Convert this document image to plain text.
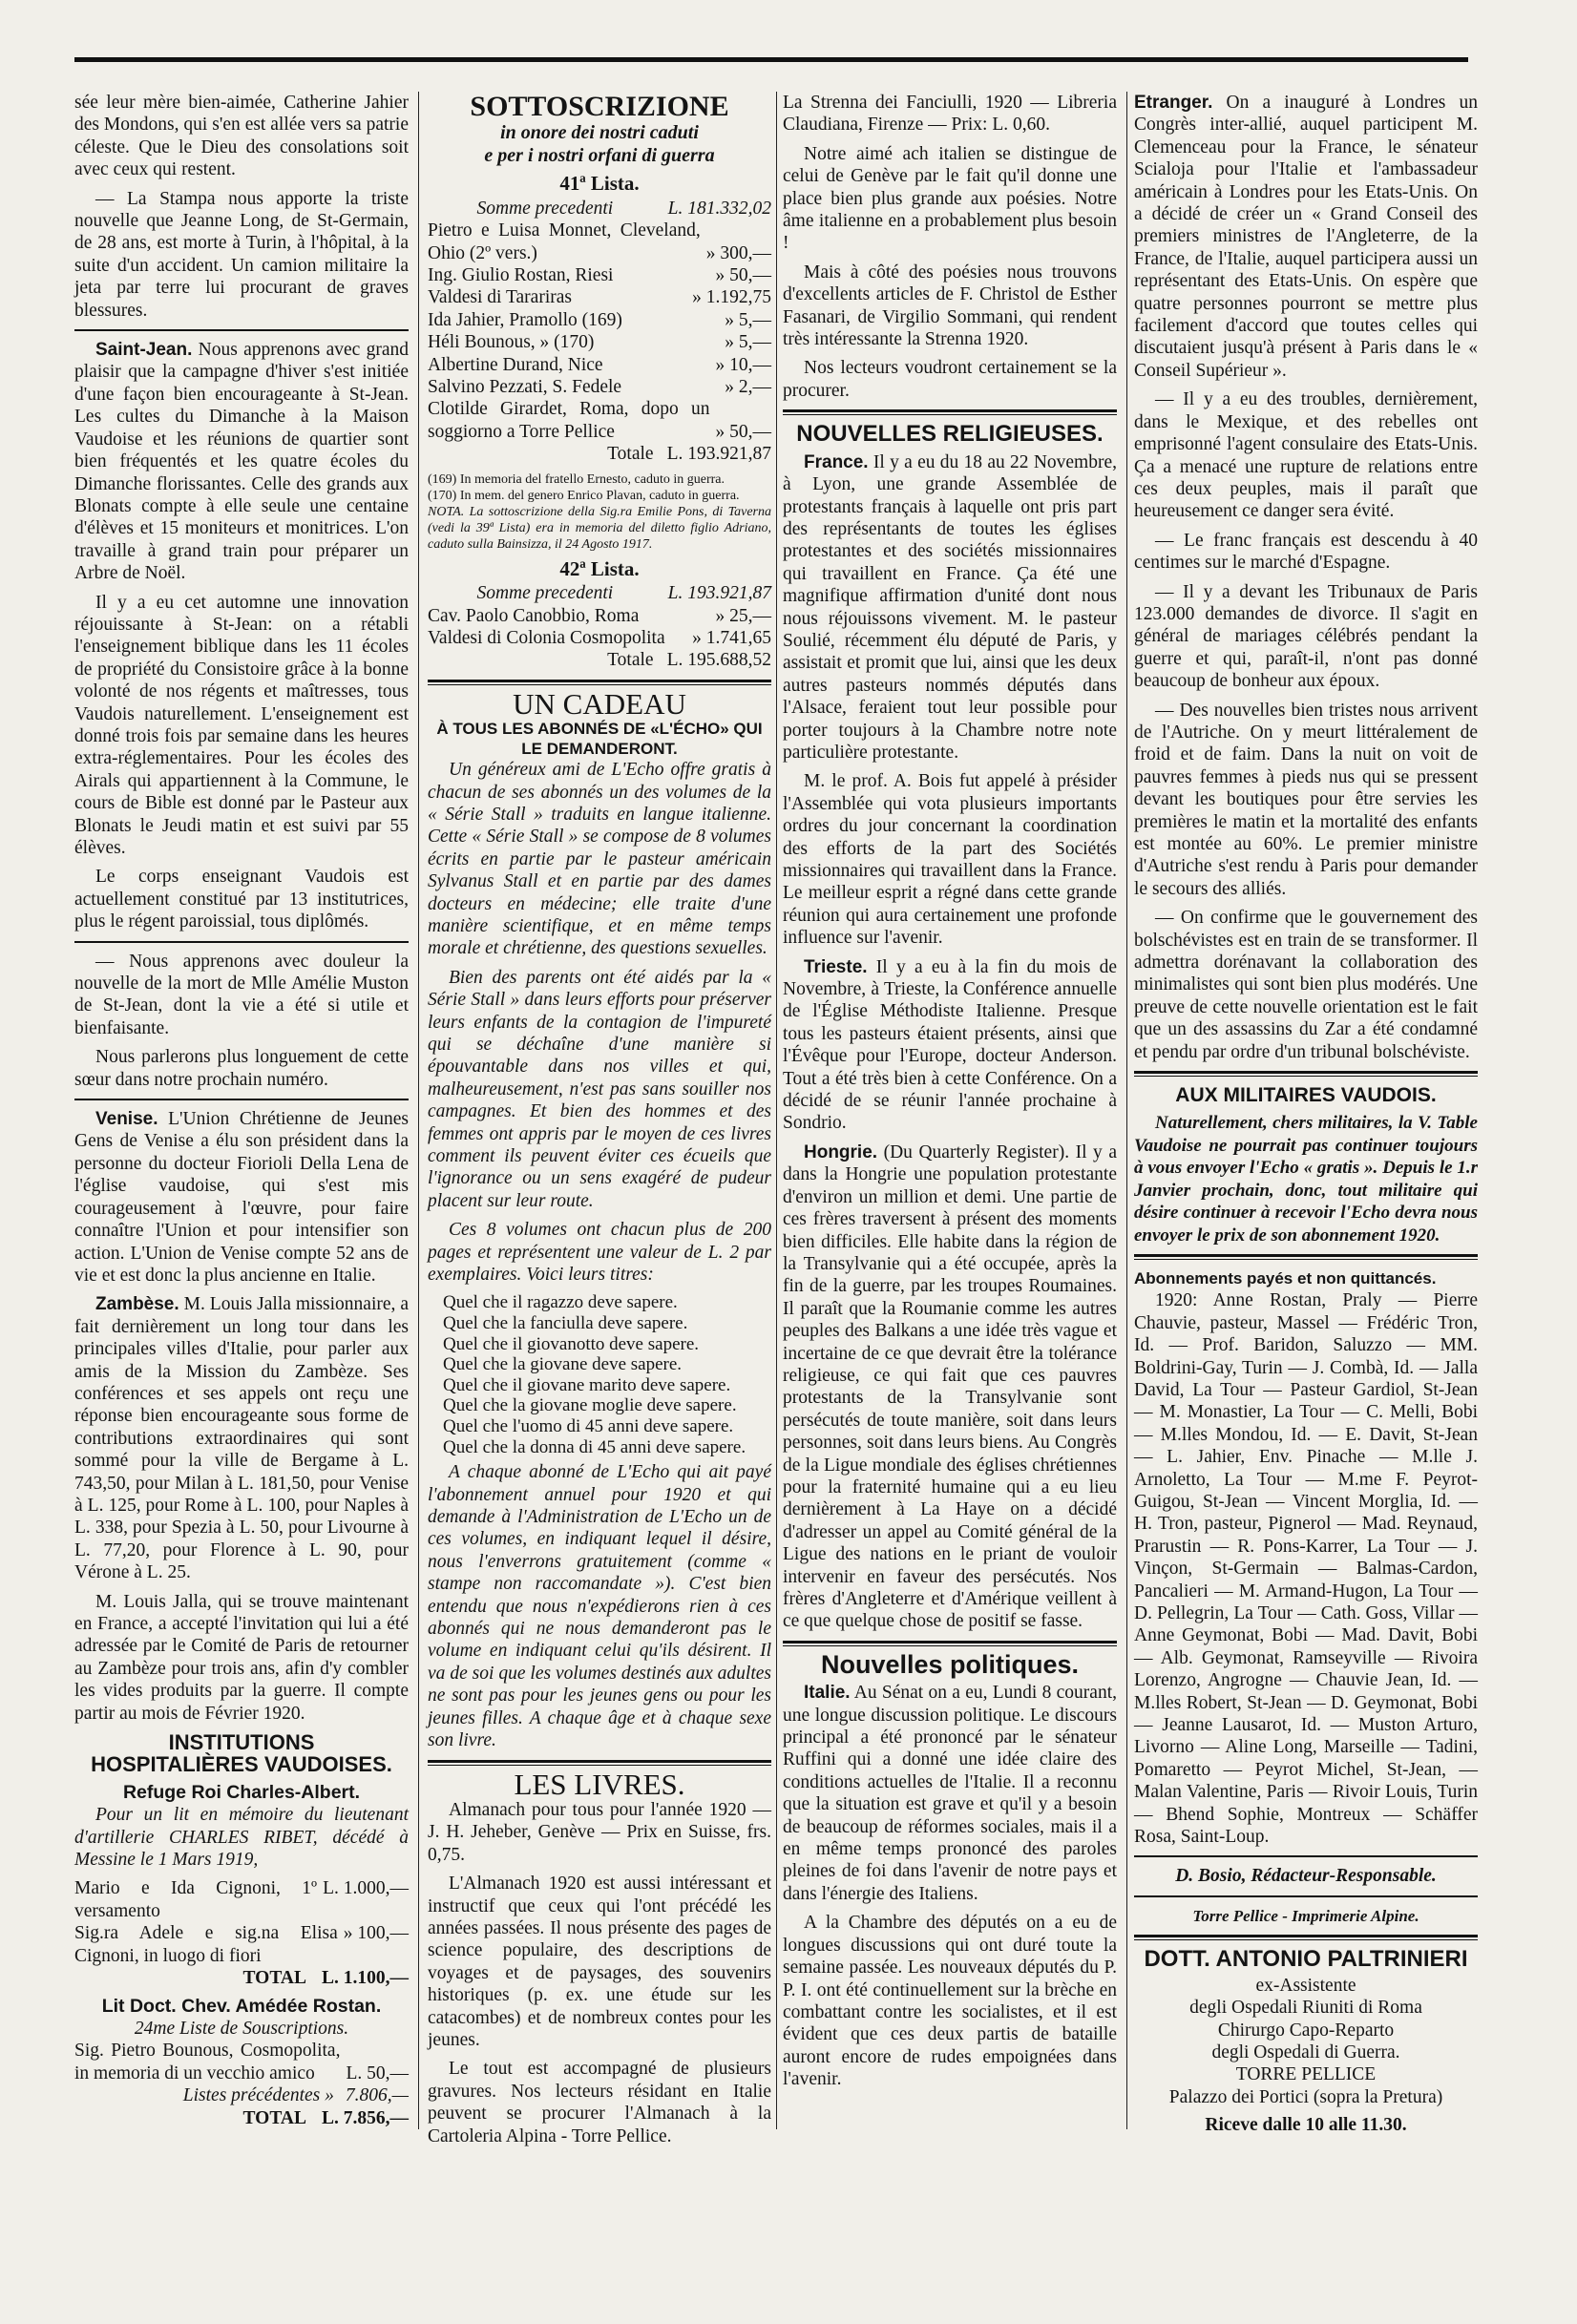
sée leur mère bien-aimée, Catherine Jahier des Mondons, qui s'en est allée vers sa patrie céleste. Que le Dieu des consolations soit avec ceux qui restent.

— La Stampa nous apporte la triste nouvelle que Jeanne Long, de St-Germain, de 28 ans, est morte à Turin, à l'hôpital, à la suite d'un accident. Un camion militaire la jeta par terre lui procurant de graves blessures.

Saint-Jean. Nous apprenons avec grand plaisir que la campagne d'hiver s'est initiée d'une façon bien encourageante à St-Jean. Les cultes du Dimanche à la Maison Vaudoise et les réunions de quartier sont bien fréquentés et les quatre écoles du Dimanche florissantes. Celle des grands aux Blonats compte à elle seule une centaine d'élèves et 15 moniteurs et monitrices. L'on travaille à grand train pour préparer un Arbre de Noël.

Il y a eu cet automne une innovation réjouissante à St-Jean: on a rétabli l'enseignement biblique dans les 11 écoles de propriété du Consistoire grâce à la bonne volonté de nos régents et maîtresses, tous Vaudois naturellement. L'enseignement est donné trois fois par semaine dans les heures extra-réglementaires. Pour les écoles des Airals qui appartiennent à la Commune, le cours de Bible est donné par le Pasteur aux Blonats le Jeudi matin et est suivi par 55 élèves.

Le corps enseignant Vaudois est actuellement constitué par 13 institutrices, plus le régent paroissial, tous diplômés.

— Nous apprenons avec douleur la nouvelle de la mort de Mlle Amélie Muston de St-Jean, dont la vie a été si utile et bienfaisante.

Nous parlerons plus longuement de cette sœur dans notre prochain numéro.

Venise. L'Union Chrétienne de Jeunes Gens de Venise a élu son président dans la personne du docteur Fiorioli Della Lena de l'église vaudoise, qui s'est mis courageusement à l'œuvre, pour faire connaître l'Union et pour intensifier son action. L'Union de Venise compte 52 ans de vie et est donc la plus ancienne en Italie.

Zambèse. M. Louis Jalla missionnaire, a fait dernièrement un long tour dans les principales villes d'Italie, pour parler aux amis de la Mission du Zambèze. Ses conférences et ses appels ont reçu une réponse bien encourageante sous forme de contributions extraordinaires qui sont sommé pour la ville de Bergame à L. 743,50, pour Milan à L. 181,50, pour Venise à L. 125, pour Rome à L. 100, pour Naples à L. 338, pour Spezia à L. 50, pour Livourne à L. 77,20, pour Florence à L. 90, pour Vérone à L. 25.

M. Louis Jalla, qui se trouve maintenant en France, a accepté l'invitation qui lui a été adressée par le Comité de Paris de retourner au Zambèze pour trois ans, afin d'y combler les vides produits par la guerre. Il compte partir au mois de Février 1920.

INSTITUTIONS
HOSPITALIÈRES VAUDOISES.
Refuge Roi Charles-Albert.

Pour un lit en mémoire du lieutenant d'artillerie CHARLES RIBET, décédé à Messine le 1 Mars 1919,

Mario e Ida Cignoni, 1º versamento
L. 1.000,—
Sig.ra Adele e sig.na Elisa Cignoni, in luogo di fiori
» 100,—
TOTAL L. 1.100,—
Lit Doct. Chev. Amédée Rostan.
24me Liste de Souscriptions.
Sig. Pietro Bounous, Cosmopolita, in memoria di un vecchio amico	L. 50,—
Listes précédentes » 7.806,—
TOTAL L. 7.856,—
SOTTOSCRIZIONE
in onore dei nostri caduti
e per i nostri orfani di guerra
41ª Lista.
Somme precedenti	L. 181.332,02
Pietro e Luisa Monnet, Cleveland, Ohio (2º vers.)	» 300,—
Ing. Giulio Rostan, Riesi	» 50,—
Valdesi di Tarariras	» 1.192,75
Ida Jahier, Pramollo (169)	» 5,—
Héli Bounous, » (170)	» 5,—
Albertine Durand, Nice	» 10,—
Salvino Pezzati, S. Fedele	» 2,—
Clotilde Girardet, Roma, dopo un soggiorno a Torre Pellice	» 50,—
Totale L. 193.921,87
(169) In memoria del fratello Ernesto, caduto in guerra.
(170) In mem. del genero Enrico Plavan, caduto in guerra.
NOTA. La sottoscrizione della Sig.ra Emilie Pons, di Taverna (vedi la 39ª Lista) era in memoria del diletto figlio Adriano, caduto sulla Bainsizza, il 24 Agosto 1917.
42ª Lista.
Somme precedenti	L. 193.921,87
Cav. Paolo Canobbio, Roma	» 25,—
Valdesi di Colonia Cosmopolita	» 1.741,65
Totale L. 195.688,52
UN CADEAU
À TOUS LES ABONNÉS DE «L'ÉCHO» QUI LE DEMANDERONT.

Un généreux ami de L'Echo offre gratis à chacun de ses abonnés un des volumes de la « Série Stall » traduits en langue italienne. Cette « Série Stall » se compose de 8 volumes écrits en partie par le pasteur américain Sylvanus Stall et en partie par des dames docteurs en médecine; elle traite d'une manière scientifique, et en même temps morale et chrétienne, des questions sexuelles.

Bien des parents ont été aidés par la « Série Stall » dans leurs efforts pour préserver leurs enfants de la contagion de l'impureté qui se déchaîne d'une manière si épouvantable dans nos villes et qui, malheureusement, n'est pas sans souiller nos campagnes. Et bien des hommes et des femmes ont appris par le moyen de ces livres comment ils peuvent éviter ces écueils que l'ignorance ou un sens exagéré de pudeur placent sur leur route.

Ces 8 volumes ont chacun plus de 200 pages et représentent une valeur de L. 2 par exemplaires. Voici leurs titres:

Quel che il ragazzo deve sapere.
Quel che la fanciulla deve sapere.
Quel che il giovanotto deve sapere.
Quel che la giovane deve sapere.
Quel che il giovane marito deve sapere.
Quel che la giovane moglie deve sapere.
Quel che l'uomo di 45 anni deve sapere.
Quel che la donna di 45 anni deve sapere.

A chaque abonné de L'Echo qui ait payé l'abonnement annuel pour 1920 et qui demande à l'Administration de L'Echo un de ces volumes, en indiquant lequel il désire, nous l'enverrons gratuitement (comme « stampe non raccomandate »). C'est bien entendu que nous n'expédierons rien à ces abonnés qui ne nous demanderont pas le volume en indiquant celui qu'ils désirent. Il va de soi que les volumes destinés aux adultes ne sont pas pour les jeunes gens ou pour les jeunes filles. A chaque âge et à chaque sexe son livre.

LES LIVRES.

Almanach pour tous pour l'année 1920 — J. H. Jeheber, Genève — Prix en Suisse, frs. 0,75.

L'Almanach 1920 est aussi intéressant et instructif que ceux qui l'ont précédé les années passées. Il nous présente des pages de science populaire, des descriptions de voyages et de paysages, des souvenirs historiques (p. ex. une étude sur les catacombes) et de nombreux contes pour les jeunes.

Le tout est accompagné de plusieurs gravures. Nos lecteurs résidant en Italie peuvent se procurer l'Almanach à la Cartoleria Alpina - Torre Pellice.

La Strenna dei Fanciulli, 1920 — Libreria Claudiana, Firenze — Prix: L. 0,60.

Notre aimé ach italien se distingue de celui de Genève par le fait qu'il donne une place bien plus grande aux poésies. Notre âme italienne en a probablement plus besoin !

Mais à côté des poésies nous trouvons d'excellents articles de F. Christol de Esther Fasanari, de Virgilio Sommani, qui rendent très intéressante la Strenna 1920.

Nos lecteurs voudront certainement se la procurer.

NOUVELLES RELIGIEUSES.

France. Il y a eu du 18 au 22 Novembre, à Lyon, une grande Assemblée de protestants français à laquelle ont pris part des représentants de toutes les églises protestantes et des sociétés missionnaires qui travaillent en France. Ça été une magnifique affirmation d'unité dont nous nous réjouissons vivement. M. le pasteur Soulié, récemment élu député de Paris, y assistait et promit que lui, ainsi que les deux autres pasteurs nommés députés dans l'Alsace, feraient tout leur possible pour porter toujours à la Chambre notre note particulière protestante.

M. le prof. A. Bois fut appelé à présider l'Assemblée qui vota plusieurs importants ordres du jour concernant la coordination des efforts de la part des Sociétés missionnaires qui travaillent dans la France. Le meilleur esprit a régné dans cette grande réunion qui aura certainement une profonde influence sur l'avenir.

Trieste. Il y a eu à la fin du mois de Novembre, à Trieste, la Conférence annuelle de l'Église Méthodiste Italienne. Presque tous les pasteurs étaient présents, ainsi que l'Évêque pour l'Europe, docteur Anderson. Tout a été très bien à cette Conférence. On a décidé de se réunir l'année prochaine à Sondrio.

Hongrie. (Du Quarterly Register). Il y a dans la Hongrie une population protestante d'environ un million et demi. Une partie de ces frères traversent à présent des moments bien difficiles. Elle habite dans la région de la Transylvanie qui a été occupée, après la fin de la guerre, par les troupes Roumaines. Il paraît que la Roumanie comme les autres peuples des Balkans a une idée très vague et incertaine de ce que devrait être la tolérance religieuse, ce qui fait que ces pauvres protestants de la Transylvanie sont persécutés de toute manière, soit dans leurs personnes, soit dans leurs biens. Au Congrès de la Ligue mondiale des églises chrétiennes pour la fraternité humaine qui a eu lieu dernièrement à La Haye on a décidé d'adresser un appel au Comité général de la Ligue des nations en le priant de vouloir intervenir en faveur des persécutés. Nos frères d'Angleterre et d'Amérique veillent à ce que quelque chose de positif se fasse.

Nouvelles politiques.

Italie. Au Sénat on a eu, Lundi 8 courant, une longue discussion politique. Le discours principal a été prononcé par le sénateur Ruffini qui a donné une idée claire des conditions actuelles de l'Italie. Il a reconnu que la situation est grave et qu'il y a besoin de beaucoup de réformes sociales, mais il a en même temps prononcé des paroles pleines de foi dans l'avenir de notre pays et dans l'énergie des Italiens.

A la Chambre des députés on a eu de longues discussions qui ont duré toute la semaine passée. Les nouveaux députés du P. P. I. ont été continuellement sur la brèche en combattant contre les socialistes, et il est évident que ces deux partis de bataille auront encore de rudes empoignées dans l'avenir.

Etranger. On a inauguré à Londres un Congrès inter-allié, auquel participent M. Clemenceau pour la France, le sénateur Scialoja pour l'Italie et l'ambassadeur américain à Londres pour les Etats-Unis. On a décidé de créer un « Grand Conseil des premiers ministres de l'Angleterre, de la France, de l'Italie, auquel participera aussi un représentant des Etats-Unis. On espère que quatre personnes pourront se mettre plus facilement d'accord que toutes celles qui discutaient jusqu'à présent à Paris dans le « Conseil Supérieur ».

— Il y a eu des troubles, dernièrement, dans le Mexique, et des rebelles ont emprisonné l'agent consulaire des Etats-Unis. Ça a menacé une rupture de relations entre ces deux peuples, mais il paraît que heureusement ce danger sera évité.

— Le franc français est descendu à 40 centimes sur le marché d'Espagne.

— Il y a devant les Tribunaux de Paris 123.000 demandes de divorce. Il s'agit en général de mariages célébrés pendant la guerre et qui, paraît-il, n'ont pas donné beaucoup de bonheur aux époux.

— Des nouvelles bien tristes nous arrivent de l'Autriche. On y meurt littéralement de froid et de faim. Dans la nuit on voit de pauvres femmes à pieds nus qui se pressent devant les boutiques pour être servies les premières le matin et la mortalité des enfants est montée au 60%. Le premier ministre d'Autriche s'est rendu à Paris pour demander le secours des alliés.

— On confirme que le gouvernement des bolschévistes est en train de se transformer. Il admettra dorénavant la collaboration des minimalistes qui sont bien plus modérés. Une preuve de cette nouvelle orientation est le fait que un des assassins du Zar a été condamné et pendu par ordre d'un tribunal bolschéviste.

AUX MILITAIRES VAUDOIS.

Naturellement, chers militaires, la V. Table Vaudoise ne pourrait pas continuer toujours à vous envoyer l'Echo « gratis ». Depuis le 1.r Janvier prochain, donc, tout militaire qui désire continuer à recevoir l'Echo devra nous envoyer le prix de son abonnement 1920.

Abonnements payés et non quittancés.

1920: Anne Rostan, Praly — Pierre Chauvie, pasteur, Massel — Frédéric Tron, Id. — Prof. Baridon, Saluzzo — MM. Boldrini-Gay, Turin — J. Combà, Id. — Jalla David, La Tour — Pasteur Gardiol, St-Jean — M. Monastier, La Tour — C. Melli, Bobi — M.lles Mondou, Id. — E. Davit, St-Jean — L. Jahier, Env. Pinache — M.lle J. Arnoletto, La Tour — M.me F. Peyrot-Guigou, St-Jean — Vincent Morglia, Id. — H. Tron, pasteur, Pignerol — Mad. Reynaud, Prarustin — R. Pons-Karrer, La Tour — J. Vinçon, St-Germain — Balmas-Cardon, Pancalieri — M. Armand-Hugon, La Tour — D. Pellegrin, La Tour — Cath. Goss, Villar — Anne Geymonat, Bobi — Mad. Davit, Bobi — Alb. Geymonat, Ramseyville — Rivoira Lorenzo, Angrogne — Chauvie Jean, Id. — M.lles Robert, St-Jean — D. Geymonat, Bobi — Jeanne Lausarot, Id. — Muston Arturo, Livorno — Aline Long, Marseille — Tadini, Pomaretto — Peyrot Michel, St-Jean, — Malan Valentine, Paris — Rivoir Louis, Turin — Bhend Sophie, Montreux — Schäffer Rosa, Saint-Loup.

D. Bosio, Rédacteur-Responsable.
Torre Pellice - Imprimerie Alpine.
DOTT. ANTONIO PALTRINIERI
ex-Assistente
degli Ospedali Riuniti di Roma
Chirurgo Capo-Reparto
degli Ospedali di Guerra.
TORRE PELLICE
Palazzo dei Portici (sopra la Pretura)
Riceve dalle 10 alle 11.30.
